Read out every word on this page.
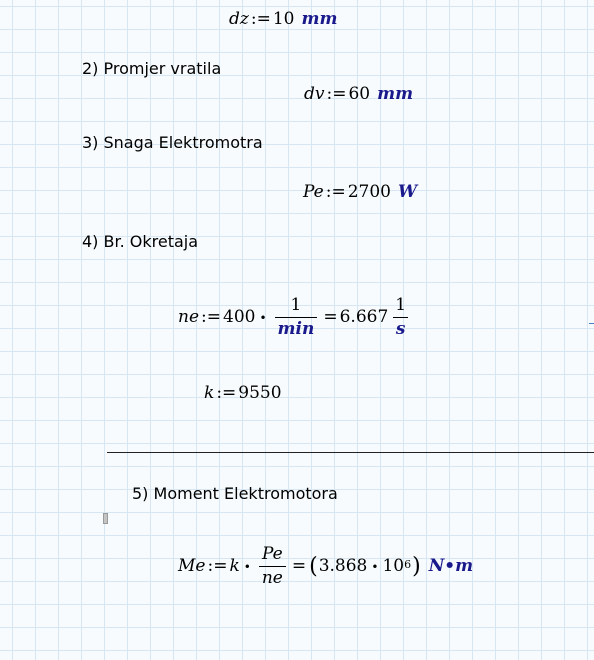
dz := 10 mm
2) Promjer vratila
dv := 60 mm
3) Snaga Elektromotra
Pe := 2700 W
4) Br. Okretaja
ne := 400 • $\frac{1}{\min} = 6.667 \frac{1}{s}$
k := 9550
5) Moment Elektromotora
Me := k • $\frac{Pe}{ne}$ = ( 3.868 • $10^6$ ) N•m
